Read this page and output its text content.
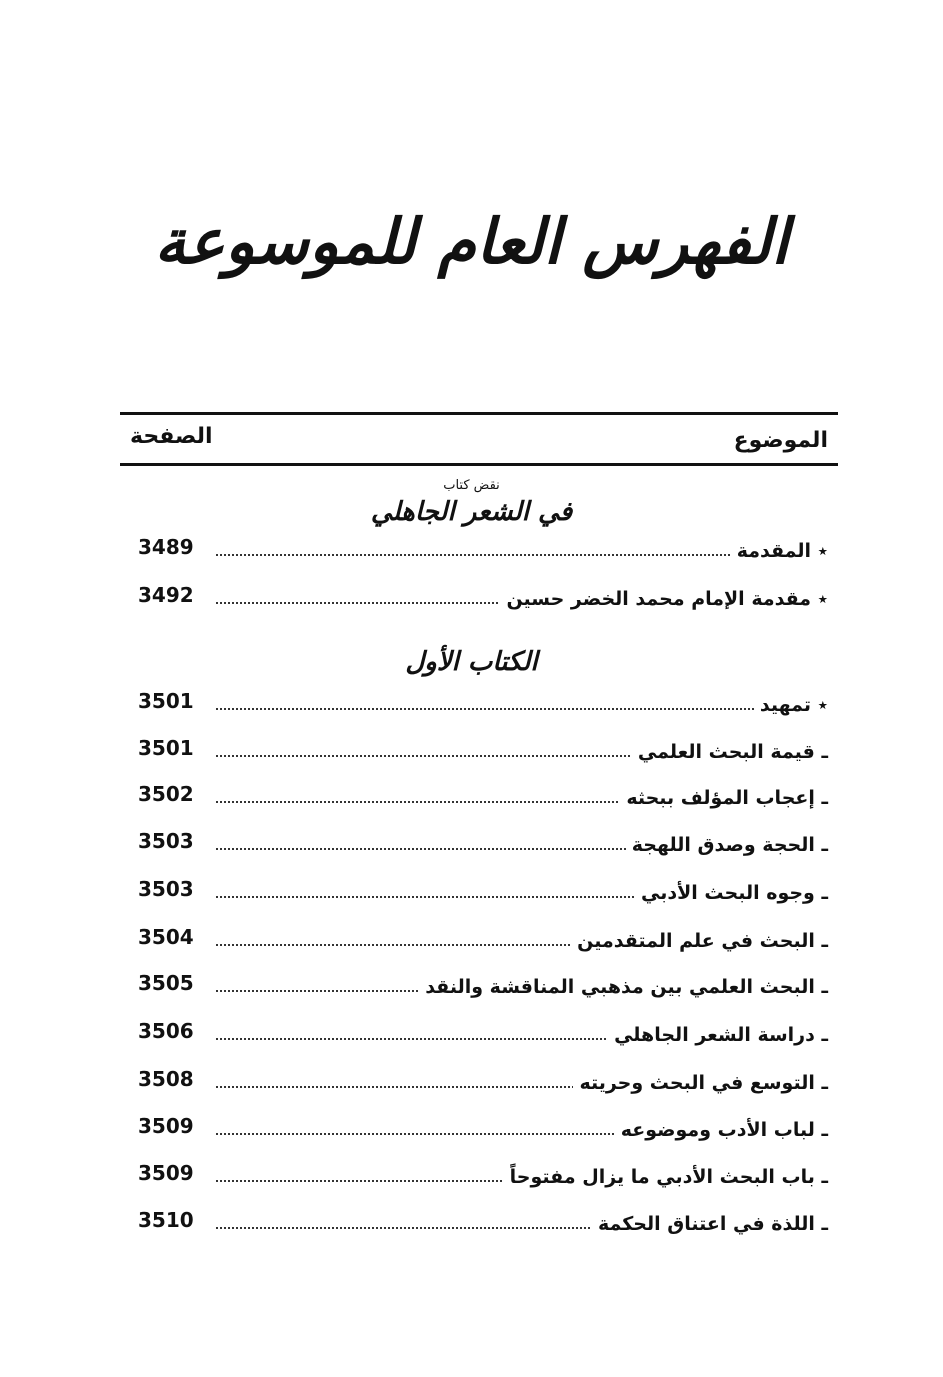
الفهرس العام للموسوعة
الموضوع
الصفحة
نقض كتاب
في الشعر الجاهلي
٭ المقدمة
3489
٭ مقدمة الإمام محمد الخضر حسين
3492
الكتاب الأول
٭ تمهيد
3501
ـ قيمة البحث العلمي
3501
ـ إعجاب المؤلف ببحثه
3502
ـ الحجة وصدق اللهجة
3503
ـ وجوه البحث الأدبي
3503
ـ البحث في علم المتقدمين
3504
ـ البحث العلمي بين مذهبي المناقشة والنقد
3505
ـ دراسة الشعر الجاهلي
3506
ـ التوسع في البحث وحريته
3508
ـ لباب الأدب وموضوعه
3509
ـ باب البحث الأدبي ما يزال مفتوحاً
3509
ـ اللذة في اعتناق الحكمة
3510
